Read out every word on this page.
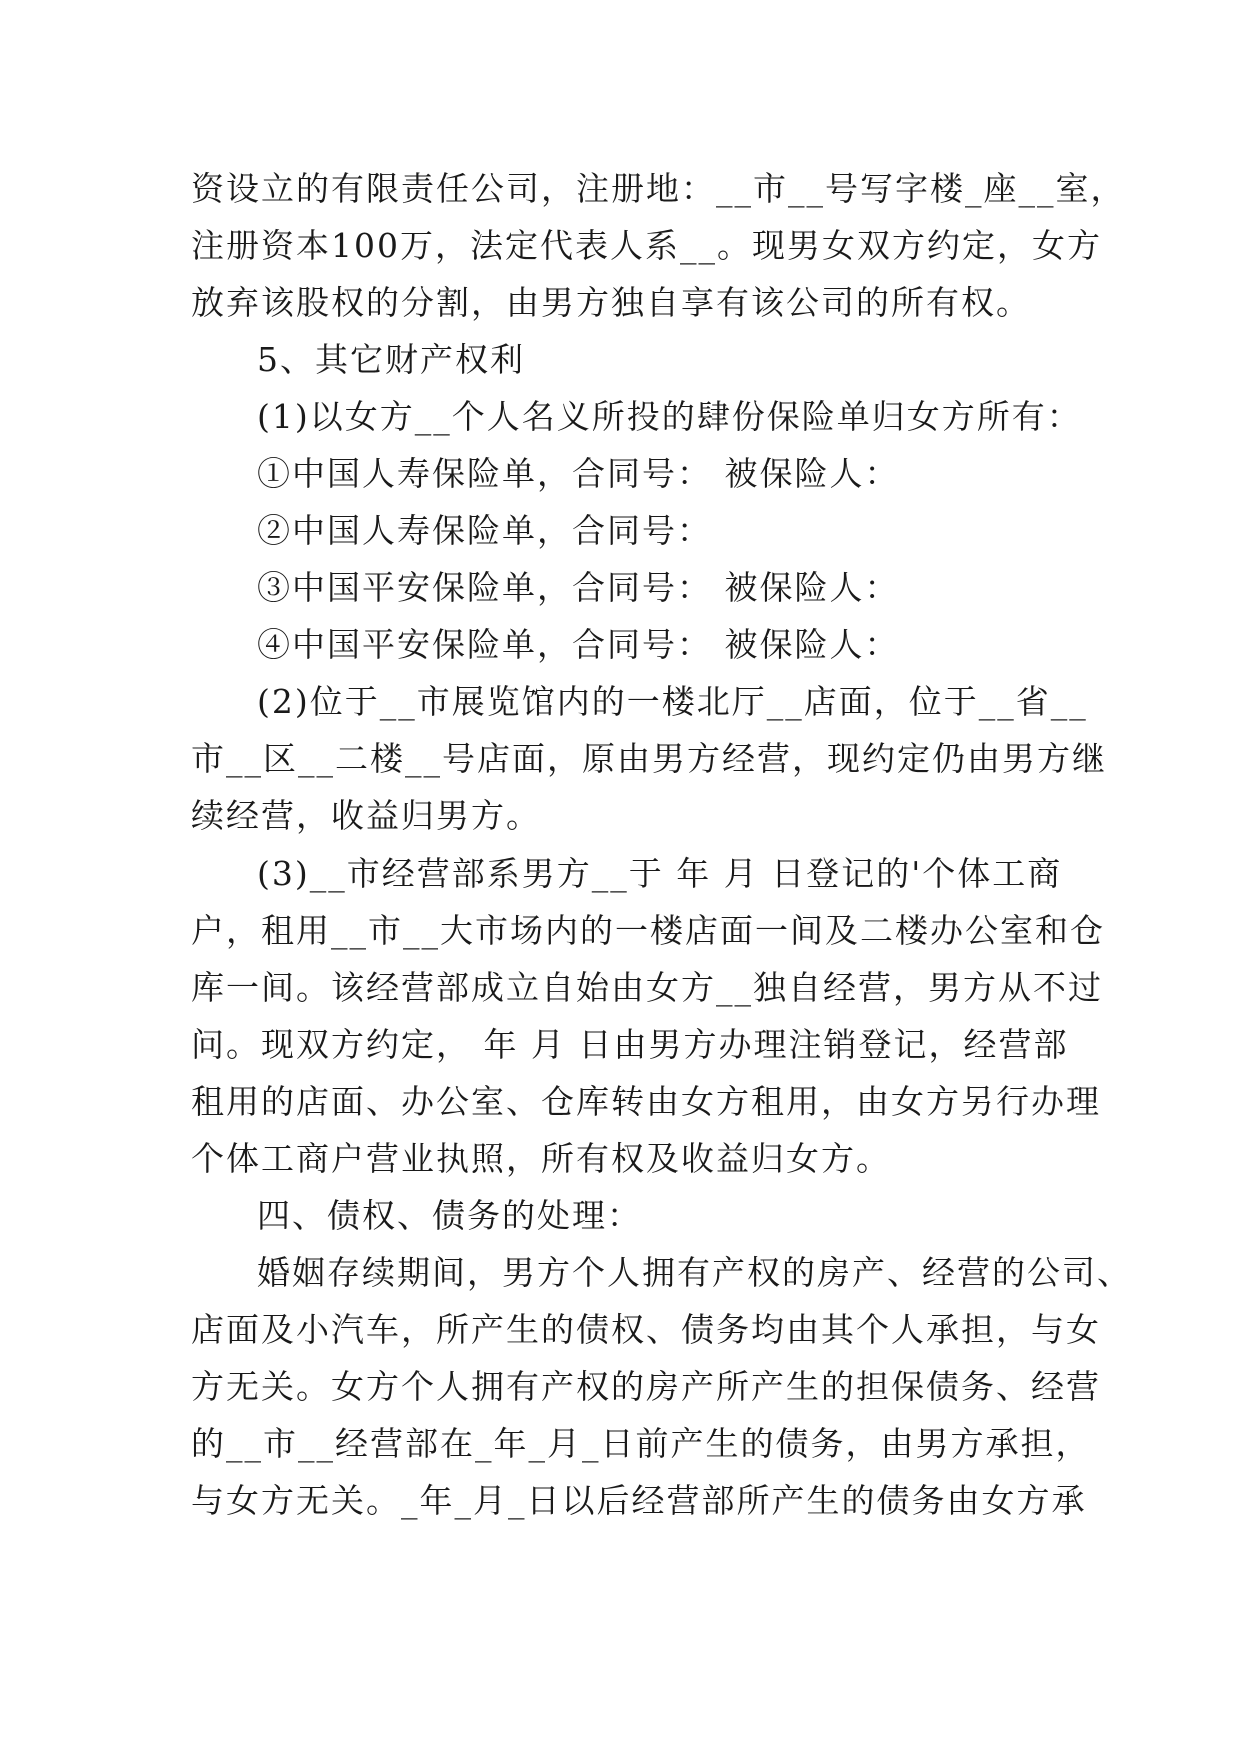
资设立的有限责任公司，注册地：__市__号写字楼_座__室，
注册资本100万，法定代表人系__。现男女双方约定，女方
放弃该股权的分割，由男方独自享有该公司的所有权。
5、其它财产权利
(1)以女方__个人名义所投的肆份保险单归女方所有：
①中国人寿保险单，合同号： 被保险人：
②中国人寿保险单，合同号：
③中国平安保险单，合同号： 被保险人：
④中国平安保险单，合同号： 被保险人：
(2)位于__市展览馆内的一楼北厅__店面，位于__省__
市__区__二楼__号店面，原由男方经营，现约定仍由男方继
续经营，收益归男方。
(3)__市经营部系男方__于 年 月 日登记的'个体工商
户，租用__市__大市场内的一楼店面一间及二楼办公室和仓
库一间。该经营部成立自始由女方__独自经营，男方从不过
问。现双方约定， 年 月 日由男方办理注销登记，经营部
租用的店面、办公室、仓库转由女方租用，由女方另行办理
个体工商户营业执照，所有权及收益归女方。
四、债权、债务的处理：
婚姻存续期间，男方个人拥有产权的房产、经营的公司、
店面及小汽车，所产生的债权、债务均由其个人承担，与女
方无关。女方个人拥有产权的房产所产生的担保债务、经营
的__市__经营部在_年_月_日前产生的债务，由男方承担，
与女方无关。_年_月_日以后经营部所产生的债务由女方承
